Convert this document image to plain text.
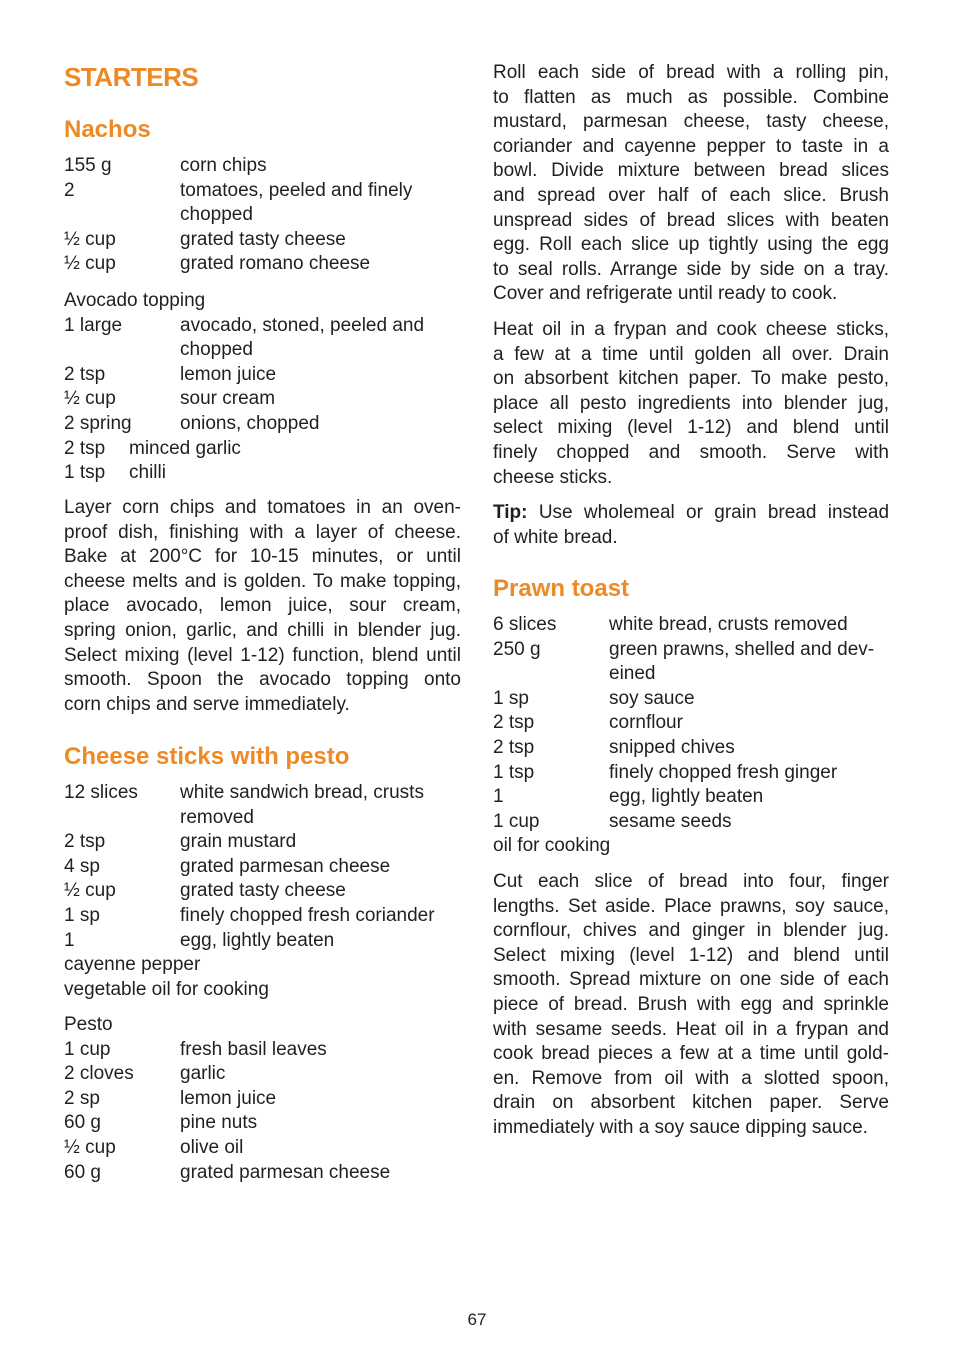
STARTERS
Nachos
155 g	corn chips
2	tomatoes, peeled and finely
chopped
½ cup	grated tasty cheese
½ cup	grated romano cheese
Avocado topping
1 large	avocado, stoned, peeled and
chopped
2 tsp	lemon juice
½ cup	sour cream
2 spring	onions, chopped
2 tsp	minced garlic
1 tsp	chilli
Layer corn chips and tomatoes in an oven-
proof dish, finishing with a layer of cheese.
Bake at 200°C for 10-15 minutes, or until
cheese melts and is golden. To make topping,
place avocado, lemon juice, sour cream,
spring onion, garlic, and chilli in blender jug.
Select mixing (level 1-12) function, blend until
smooth. Spoon the avocado topping onto
corn chips and serve immediately.
Cheese sticks with pesto
12 slices	white sandwich bread, crusts
removed
2 tsp	grain mustard
4 sp	grated parmesan cheese
½ cup	grated tasty cheese
1 sp	finely chopped fresh coriander
1	egg, lightly beaten
cayenne pepper
vegetable oil for cooking
Pesto
1 cup	fresh basil leaves
2 cloves	garlic
2 sp	lemon juice
60 g	pine nuts
½ cup	olive oil
60 g	grated parmesan cheese
Roll each side of bread with a rolling pin,
to flatten as much as possible. Combine
mustard, parmesan cheese, tasty cheese,
coriander and cayenne pepper to taste in a
bowl. Divide mixture between bread slices
and spread over half of each slice. Brush
unspread sides of bread slices with beaten
egg. Roll each slice up tightly using the egg
to seal rolls. Arrange side by side on a tray.
Cover and refrigerate until ready to cook.
Heat oil in a frypan and cook cheese sticks,
a few at a time until golden all over. Drain
on absorbent kitchen paper. To make pesto,
place all pesto ingredients into blender jug,
select mixing (level 1-12) and blend until
finely chopped and smooth. Serve with
cheese sticks.
Tip: Use wholemeal or grain bread instead
of white bread.
Prawn toast
6 slices	white bread, crusts removed
250 g	green prawns, shelled and dev-
eined
1 sp	soy sauce
2 tsp	cornflour
2 tsp	snipped chives
1 tsp	finely chopped fresh ginger
1	egg, lightly beaten
1 cup	sesame seeds
oil for cooking
Cut each slice of bread into four, finger
lengths. Set aside. Place prawns, soy sauce,
cornflour, chives and ginger in blender jug.
Select mixing (level 1-12) and blend until
smooth. Spread mixture on one side of each
piece of bread. Brush with egg and sprinkle
with sesame seeds. Heat oil in a frypan and
cook bread pieces a few at a time until gold-
en. Remove from oil with a slotted spoon,
drain on absorbent kitchen paper. Serve
immediately with a soy sauce dipping sauce.
67
